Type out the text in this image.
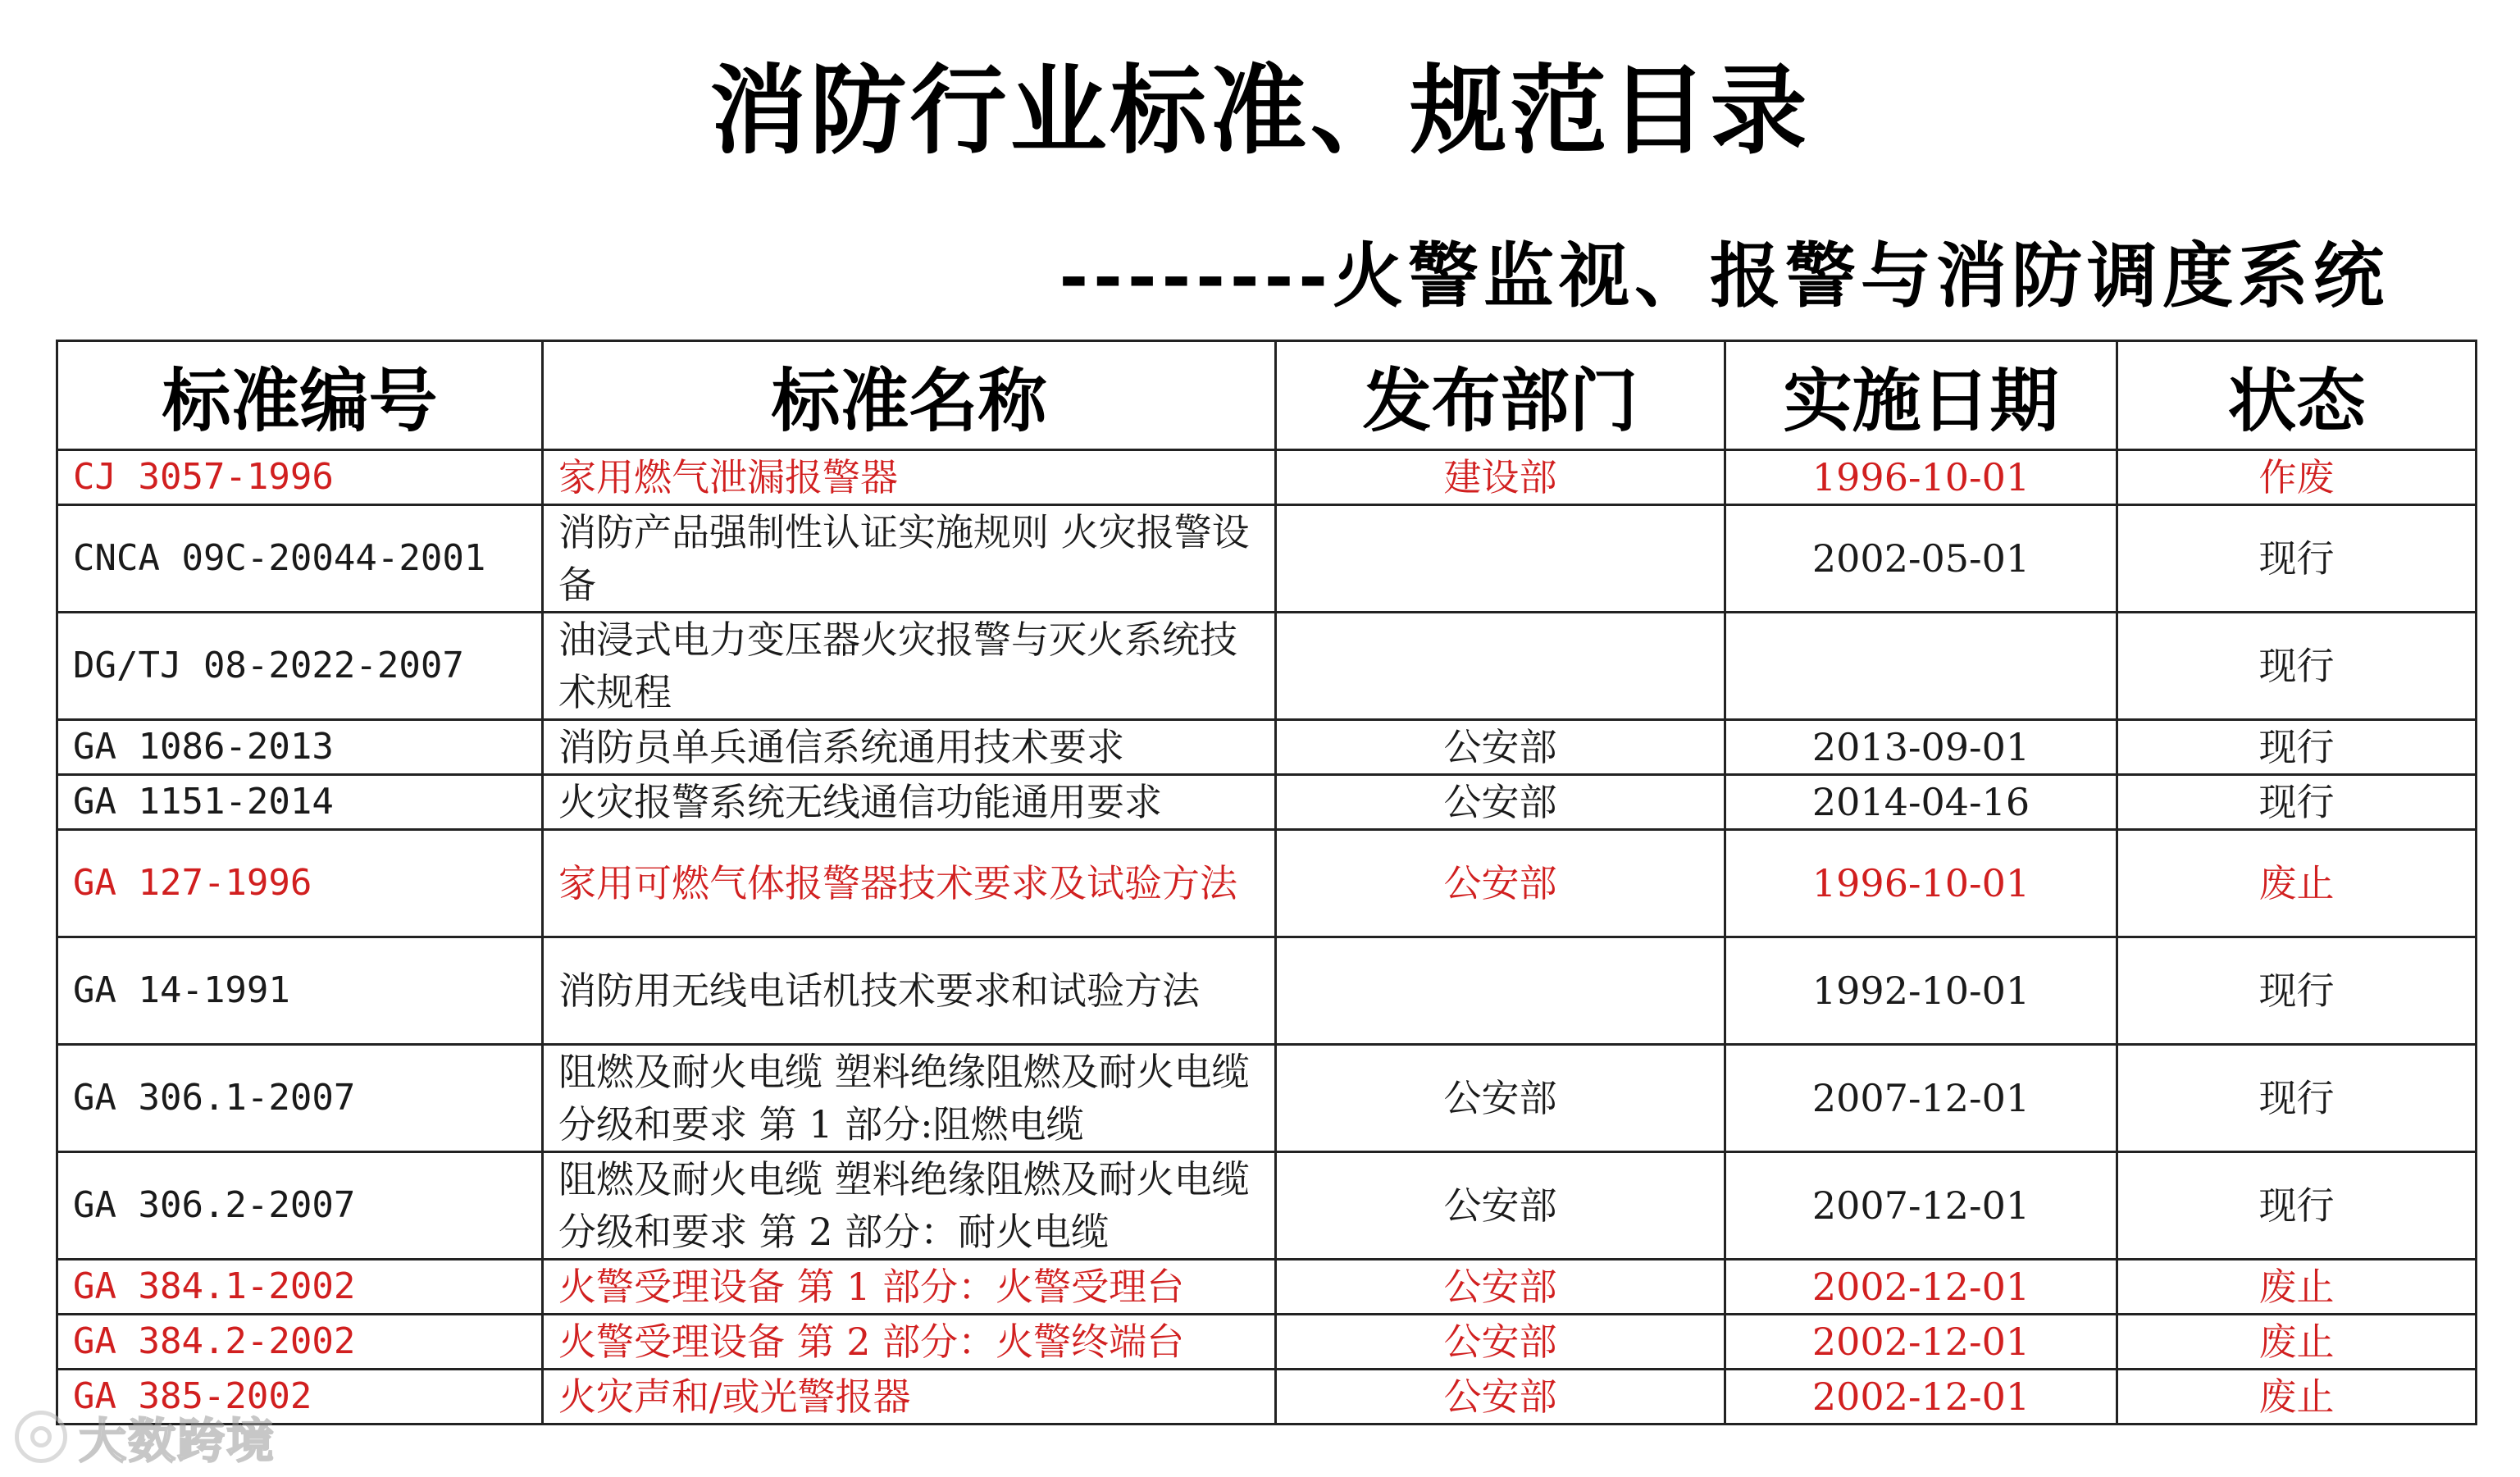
消防行业标准、规范目录
--------火警监视、报警与消防调度系统
标准编号	标准名称	发布部门	实施日期	状态
CJ 3057-1996	家用燃气泄漏报警器	建设部	1996-10-01	作废
CNCA 09C-20044-2001	消防产品强制性认证实施规则 火灾报警设备		2002-05-01	现行
DG/TJ 08-2022-2007	油浸式电力变压器火灾报警与灭火系统技术规程			现行
GA 1086-2013	消防员单兵通信系统通用技术要求	公安部	2013-09-01	现行
GA 1151-2014	火灾报警系统无线通信功能通用要求	公安部	2014-04-16	现行
GA 127-1996	家用可燃气体报警器技术要求及试验方法	公安部	1996-10-01	废止
GA 14-1991	消防用无线电话机技术要求和试验方法		1992-10-01	现行
GA 306.1-2007	阻燃及耐火电缆 塑料绝缘阻燃及耐火电缆分级和要求 第 1 部分:阻燃电缆	公安部	2007-12-01	现行
GA 306.2-2007	阻燃及耐火电缆 塑料绝缘阻燃及耐火电缆分级和要求 第 2 部分：耐火电缆	公安部	2007-12-01	现行
GA 384.1-2002	火警受理设备 第 1 部分：火警受理台	公安部	2002-12-01	废止
GA 384.2-2002	火警受理设备 第 2 部分：火警终端台	公安部	2002-12-01	废止
GA 385-2002	火灾声和/或光警报器	公安部	2002-12-01	废止
大数跨境
